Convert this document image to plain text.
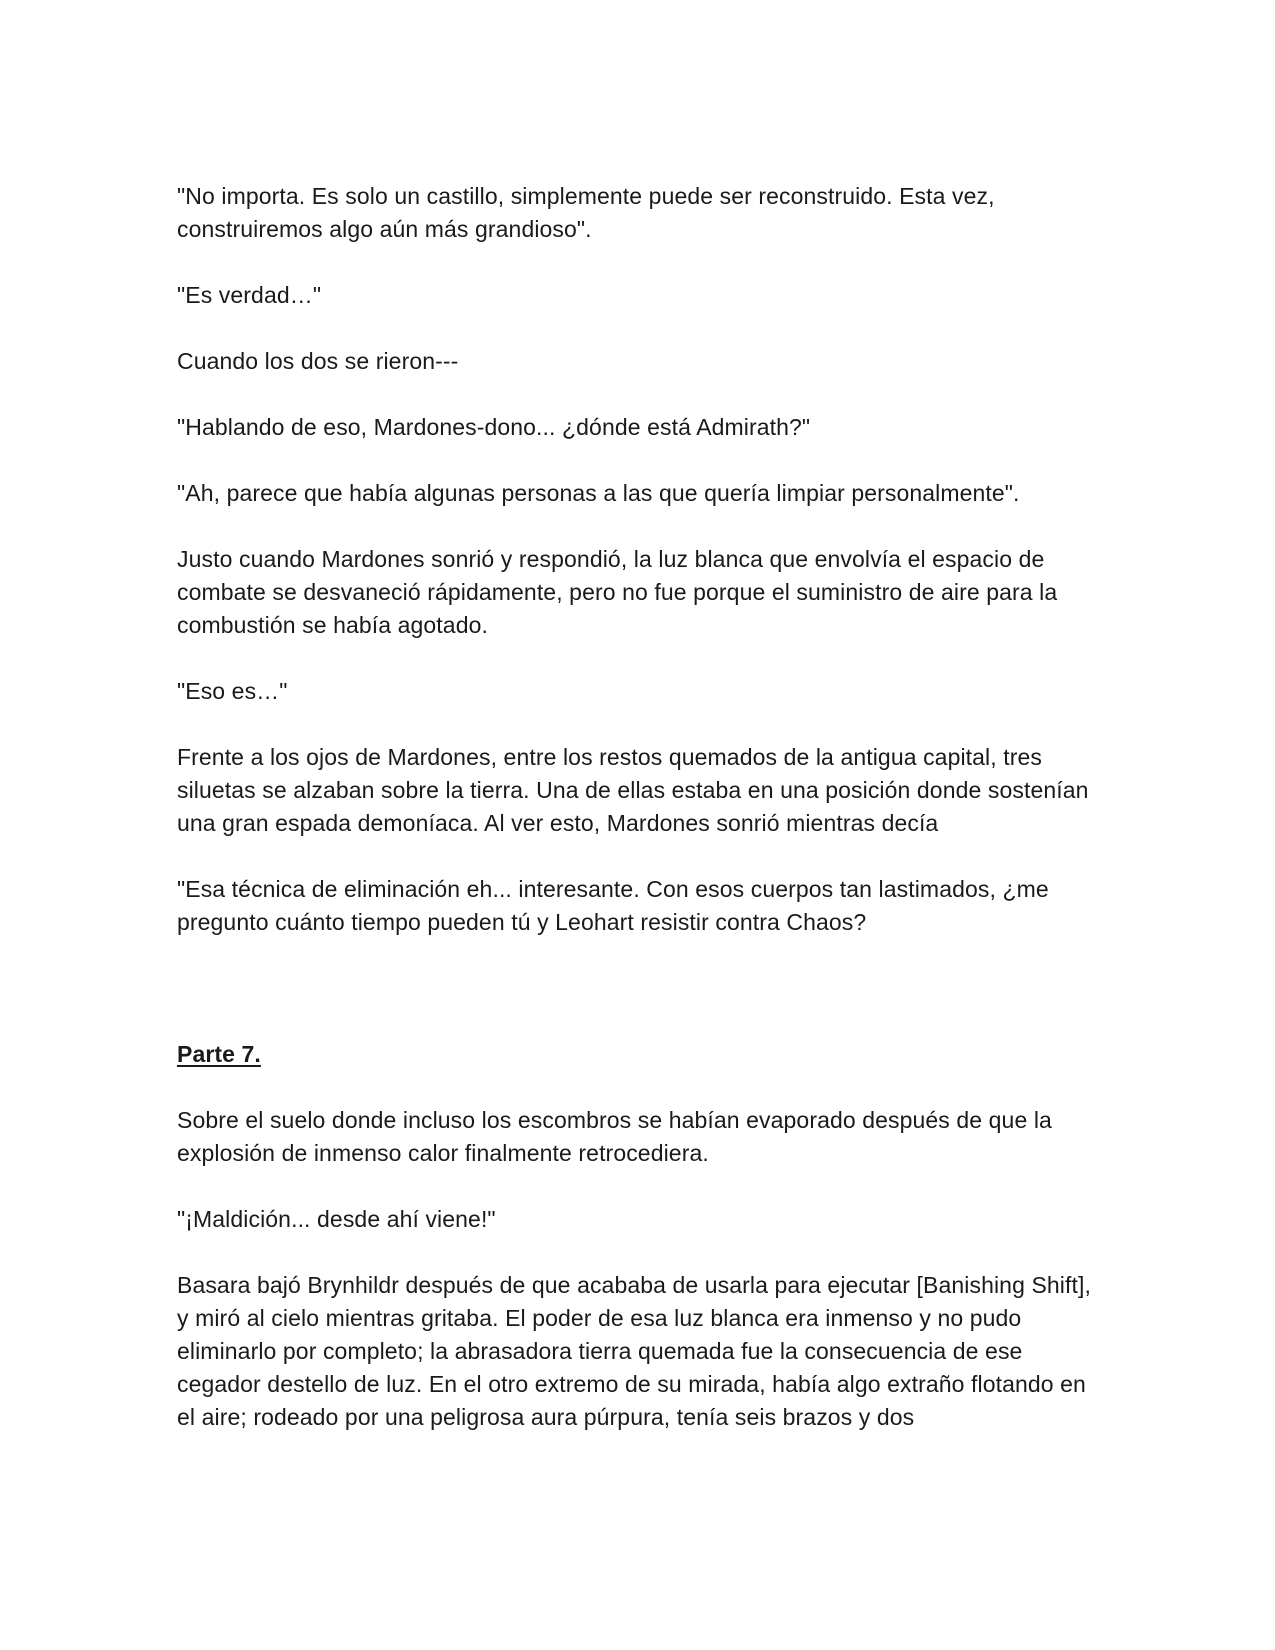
"No importa. Es solo un castillo, simplemente puede ser reconstruido. Esta vez, construiremos algo aún más grandioso".

"Es verdad…"

Cuando los dos se rieron---

"Hablando de eso, Mardones-dono... ¿dónde está Admirath?"

"Ah, parece que había algunas personas a las que quería limpiar personalmente".

Justo cuando Mardones sonrió y respondió, la luz blanca que envolvía el espacio de combate se desvaneció rápidamente, pero no fue porque el suministro de aire para la combustión se había agotado.

"Eso es…"

Frente a los ojos de Mardones, entre los restos quemados de la antigua capital, tres siluetas se alzaban sobre la tierra. Una de ellas estaba en una posición donde sostenían una gran espada demoníaca. Al ver esto, Mardones sonrió mientras decía

"Esa técnica de eliminación eh... interesante. Con esos cuerpos tan lastimados, ¿me pregunto cuánto tiempo pueden tú y Leohart resistir contra Chaos?

Parte 7.

Sobre el suelo donde incluso los escombros se habían evaporado después de que la explosión de inmenso calor finalmente retrocediera.

"¡Maldición... desde ahí viene!"

Basara bajó Brynhildr después de que acababa de usarla para ejecutar [Banishing Shift], y miró al cielo mientras gritaba. El poder de esa luz blanca era inmenso y no pudo eliminarlo por completo; la abrasadora tierra quemada fue la consecuencia de ese cegador destello de luz. En el otro extremo de su mirada, había algo extraño flotando en el aire; rodeado por una peligrosa aura púrpura, tenía seis brazos y dos
